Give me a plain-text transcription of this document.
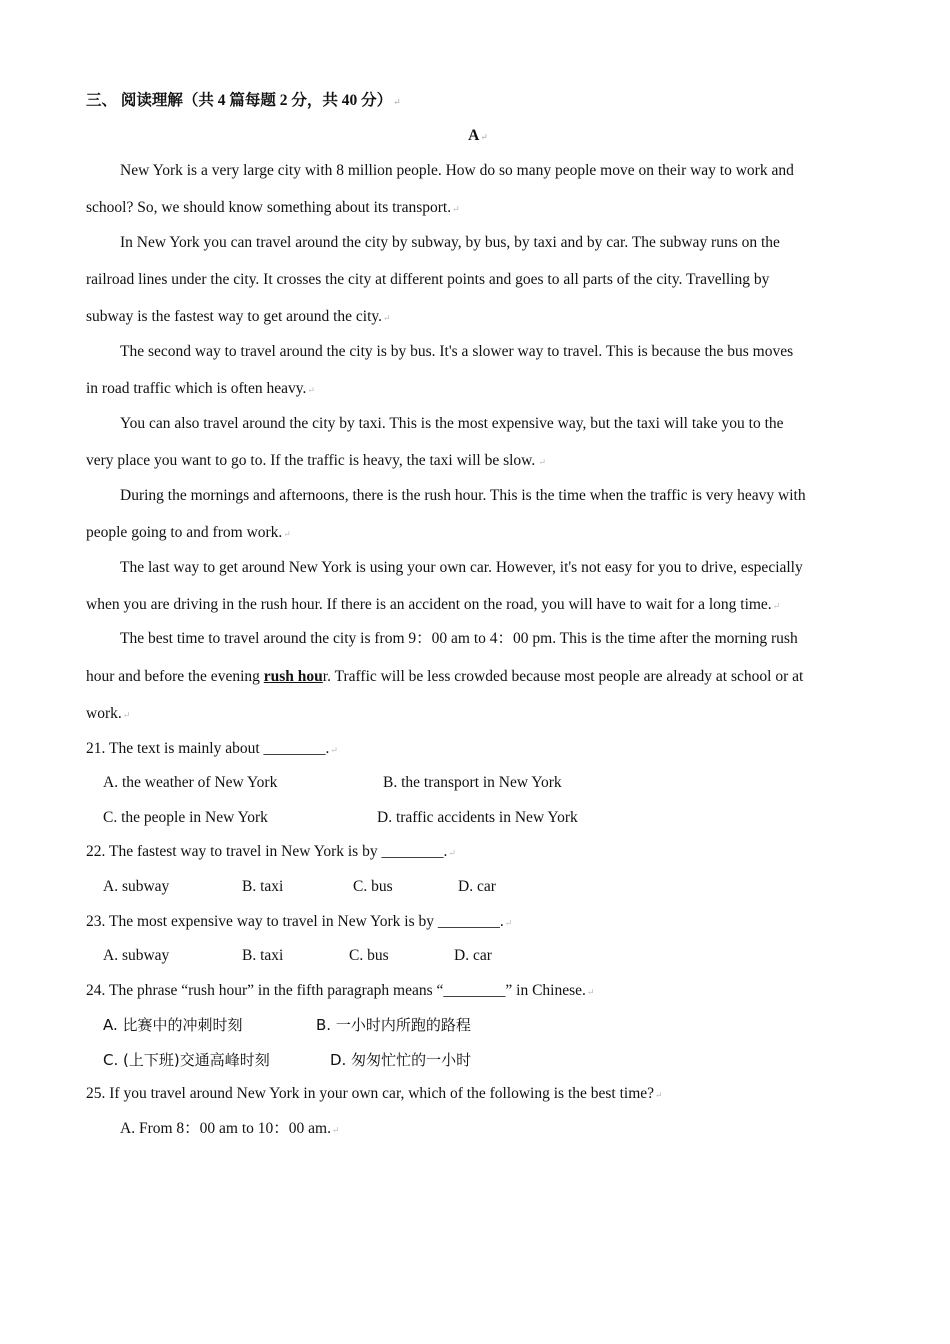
三、 阅读理解（共 4 篇每题 2 分，共 40 分）↵
A↵
New York is a very large city with 8 million people. How do so many people move on their way to work and
school? So, we should know something about its transport.↵
In New York you can travel around the city by subway, by bus, by taxi and by car. The subway runs on the
railroad lines under the city. It crosses the city at different points and goes to all parts of the city. Travelling by
subway is the fastest way to get around the city.↵
The second way to travel around the city is by bus. It's a slower way to travel. This is because the bus moves
in road traffic which is often heavy.↵
You can also travel around the city by taxi. This is the most expensive way, but the taxi will take you to the
very place you want to go to. If the traffic is heavy, the taxi will be slow. ↵
During the mornings and afternoons, there is the rush hour. This is the time when the traffic is very heavy with
people going to and from work.↵
The last way to get around New York is using your own car. However, it's not easy for you to drive, especially
when you are driving in the rush hour. If there is an accident on the road, you will have to wait for a long time.↵
The best time to travel around the city is from 9：00 am to 4：00 pm. This is the time after the morning rush
hour and before the evening rush hour. Traffic will be less crowded because most people are already at school or at
work.↵
21. The text is mainly about ________.↵
A. the weather of New York	B. the transport in New York
C. the people in New York	D. traffic accidents in New York
22. The fastest way to travel in New York is by ________.↵
A. subway	B. taxi	C. bus	D. car
23. The most expensive way to travel in New York is by ________.↵
A. subway	B. taxi	C. bus	D. car
24. The phrase “rush hour” in the fifth paragraph means “________” in Chinese.↵
A. 比赛中的冲刺时刻	B. 一小时内所跑的路程
C. (上下班)交通高峰时刻	D. 匆匆忙忙的一小时
25. If you travel around New York in your own car, which of the following is the best time?↵
A. From 8：00 am to 10：00 am.↵
